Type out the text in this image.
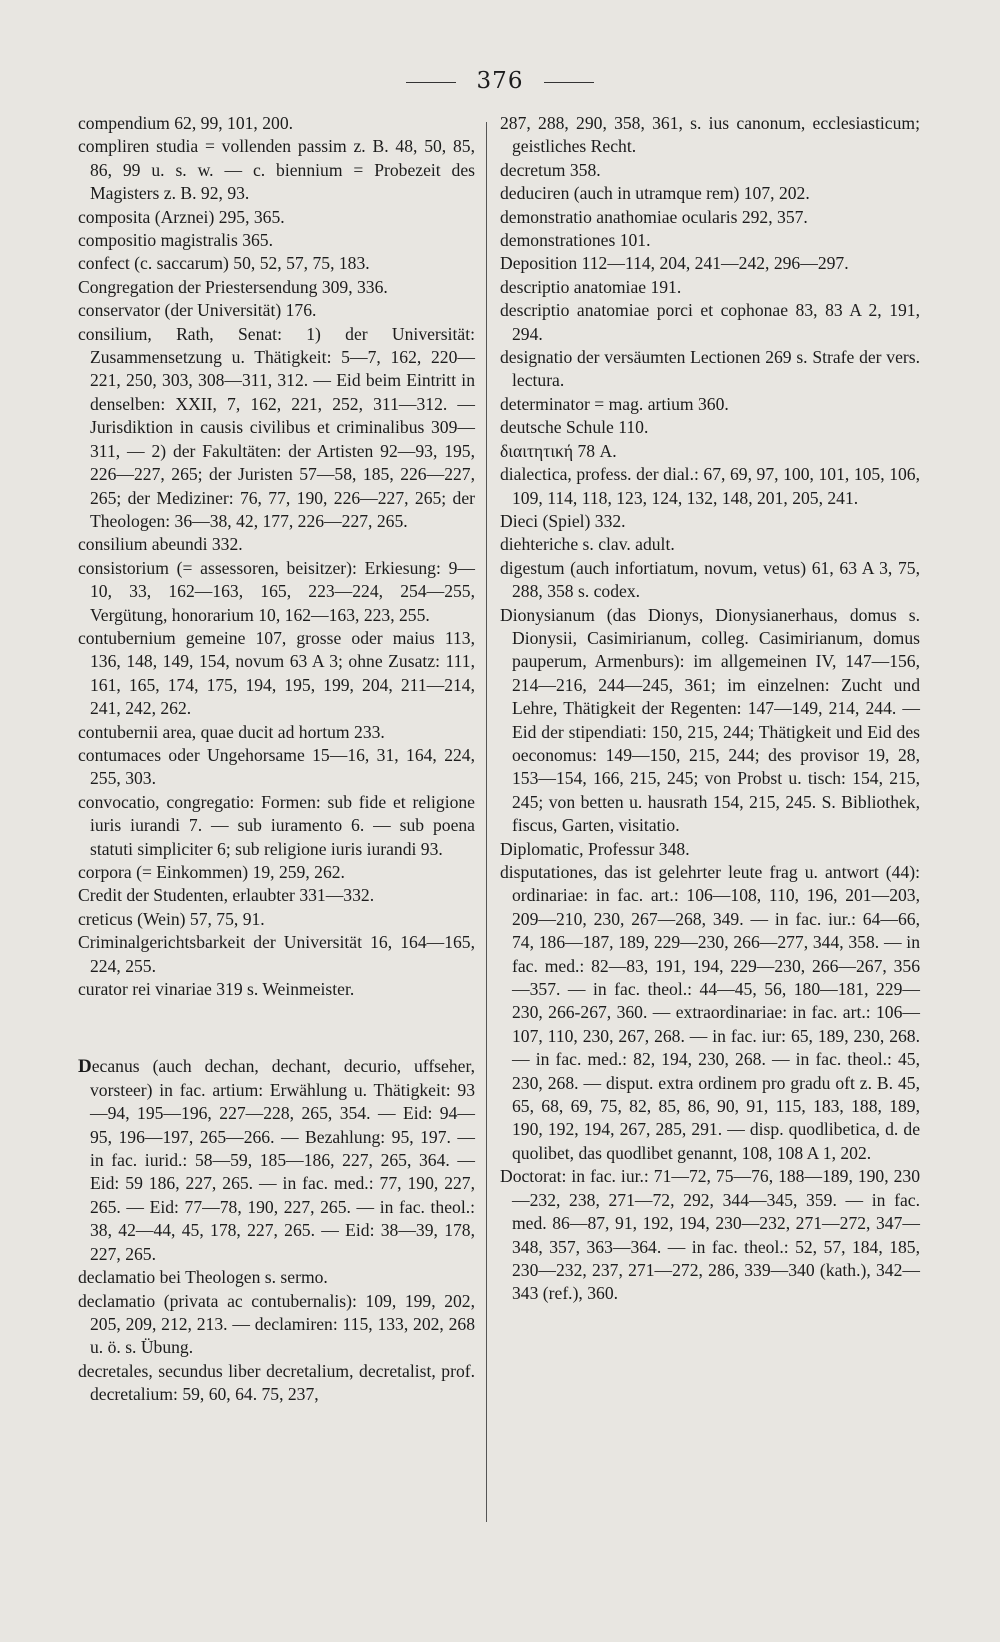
376

compendium 62, 99, 101, 200.

compliren studia = vollenden passim z. B. 48, 50, 85, 86, 99 u. s. w. — c. biennium = Probezeit des Magisters z. B. 92, 93.

composita (Arznei) 295, 365.

compositio magistralis 365.

confect (c. saccarum) 50, 52, 57, 75, 183.

Congregation der Priestersendung 309, 336.

conservator (der Universität) 176.

consilium, Rath, Senat: 1) der Universität: Zusammensetzung u. Thätigkeit: 5—7, 162, 220—221, 250, 303, 308—311, 312. — Eid beim Eintritt in denselben: XXII, 7, 162, 221, 252, 311—312. — Jurisdiktion in causis civilibus et criminalibus 309—311, — 2) der Fakultäten: der Artisten 92—93, 195, 226—227, 265; der Juristen 57—58, 185, 226—227, 265; der Mediziner: 76, 77, 190, 226—227, 265; der Theologen: 36—38, 42, 177, 226—227, 265.

consilium abeundi 332.

consistorium (= assessoren, beisitzer): Erkiesung: 9—10, 33, 162—163, 165, 223—224, 254—255, Vergütung, honorarium 10, 162—163, 223, 255.

contubernium gemeine 107, grosse oder maius 113, 136, 148, 149, 154, novum 63 A 3; ohne Zusatz: 111, 161, 165, 174, 175, 194, 195, 199, 204, 211—214, 241, 242, 262.

contubernii area, quae ducit ad hortum 233.

contumaces oder Ungehorsame 15—16, 31, 164, 224, 255, 303.

convocatio, congregatio: Formen: sub fide et religione iuris iurandi 7. — sub iuramento 6. — sub poena statuti simpliciter 6; sub religione iuris iurandi 93.

corpora (= Einkommen) 19, 259, 262.

Credit der Studenten, erlaubter 331—332.

creticus (Wein) 57, 75, 91.

Criminalgerichtsbarkeit der Universität 16, 164—165, 224, 255.

curator rei vinariae 319 s. Weinmeister.

Decanus (auch dechan, dechant, decurio, uffseher, vorsteer) in fac. artium: Erwählung u. Thätigkeit: 93—94, 195—196, 227—228, 265, 354. — Eid: 94—95, 196—197, 265—266. — Bezahlung: 95, 197. — in fac. iurid.: 58—59, 185—186, 227, 265, 364. — Eid: 59 186, 227, 265. — in fac. med.: 77, 190, 227, 265. — Eid: 77—78, 190, 227, 265. — in fac. theol.: 38, 42—44, 45, 178, 227, 265. — Eid: 38—39, 178, 227, 265.

declamatio bei Theologen s. sermo.

declamatio (privata ac contubernalis): 109, 199, 202, 205, 209, 212, 213. — declamiren: 115, 133, 202, 268 u. ö. s. Übung.

decretales, secundus liber decretalium, decretalist, prof. decretalium: 59, 60, 64. 75, 237,

287, 288, 290, 358, 361, s. ius canonum, ecclesiasticum; geistliches Recht.

decretum 358.

deduciren (auch in utramque rem) 107, 202.

demonstratio anathomiae ocularis 292, 357.

demonstrationes 101.

Deposition 112—114, 204, 241—242, 296—297.

descriptio anatomiae 191.

descriptio anatomiae porci et cophonae 83, 83 A 2, 191, 294.

designatio der versäumten Lectionen 269 s. Strafe der vers. lectura.

determinator = mag. artium 360.

deutsche Schule 110.

διαιτητική 78 A.

dialectica, profess. der dial.: 67, 69, 97, 100, 101, 105, 106, 109, 114, 118, 123, 124, 132, 148, 201, 205, 241.

Dieci (Spiel) 332.

diehteriche s. clav. adult.

digestum (auch infortiatum, novum, vetus) 61, 63 A 3, 75, 288, 358 s. codex.

Dionysianum (das Dionys, Dionysianerhaus, domus s. Dionysii, Casimirianum, colleg. Casimirianum, domus pauperum, Armenburs): im allgemeinen IV, 147—156, 214—216, 244—245, 361; im einzelnen: Zucht und Lehre, Thätigkeit der Regenten: 147—149, 214, 244. — Eid der stipendiati: 150, 215, 244; Thätigkeit und Eid des oeconomus: 149—150, 215, 244; des provisor 19, 28, 153—154, 166, 215, 245; von Probst u. tisch: 154, 215, 245; von betten u. hausrath 154, 215, 245. S. Bibliothek, fiscus, Garten, visitatio.

Diplomatic, Professur 348.

disputationes, das ist gelehrter leute frag u. antwort (44): ordinariae: in fac. art.: 106—108, 110, 196, 201—203, 209—210, 230, 267—268, 349. — in fac. iur.: 64—66, 74, 186—187, 189, 229—230, 266—277, 344, 358. — in fac. med.: 82—83, 191, 194, 229—230, 266—267, 356—357. — in fac. theol.: 44—45, 56, 180—181, 229—230, 266-267, 360. — extraordinariae: in fac. art.: 106—107, 110, 230, 267, 268. — in fac. iur: 65, 189, 230, 268. — in fac. med.: 82, 194, 230, 268. — in fac. theol.: 45, 230, 268. — disput. extra ordinem pro gradu oft z. B. 45, 65, 68, 69, 75, 82, 85, 86, 90, 91, 115, 183, 188, 189, 190, 192, 194, 267, 285, 291. — disp. quodlibetica, d. de quolibet, das quodlibet genannt, 108, 108 A 1, 202.

Doctorat: in fac. iur.: 71—72, 75—76, 188—189, 190, 230—232, 238, 271—72, 292, 344—345, 359. — in fac. med. 86—87, 91, 192, 194, 230—232, 271—272, 347—348, 357, 363—364. — in fac. theol.: 52, 57, 184, 185, 230—232, 237, 271—272, 286, 339—340 (kath.), 342—343 (ref.), 360.
